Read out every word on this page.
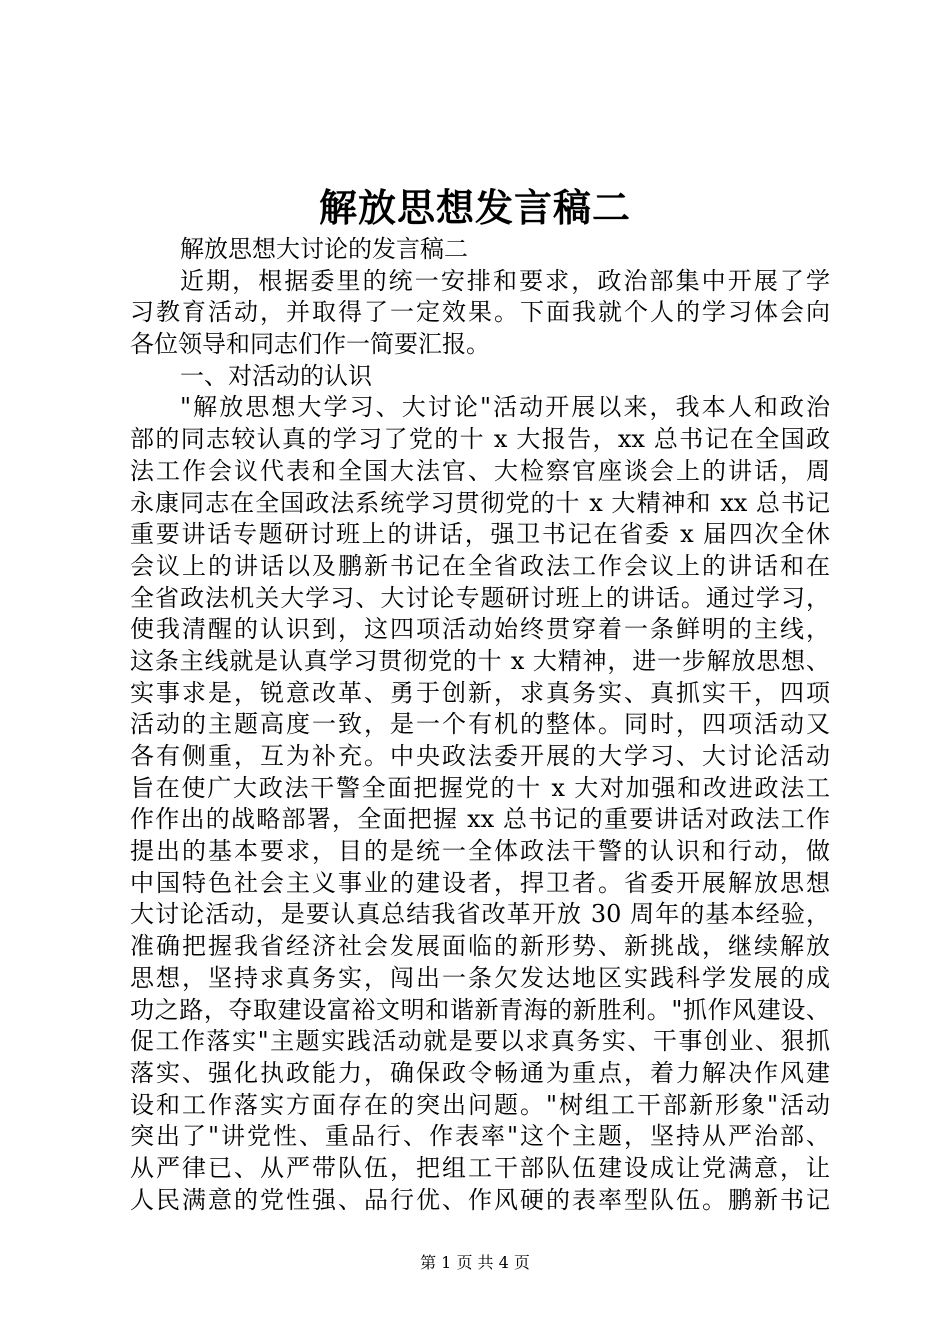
解放思想发言稿二
解放思想大讨论的发言稿二
近期，根据委里的统一安排和要求，政治部集中开展了学
习教育活动，并取得了一定效果。下面我就个人的学习体会向
各位领导和同志们作一简要汇报。
一、对活动的认识
"解放思想大学习、大讨论"活动开展以来，我本人和政治
部的同志较认真的学习了党的十 x 大报告，xx 总书记在全国政
法工作会议代表和全国大法官、大检察官座谈会上的讲话，周
永康同志在全国政法系统学习贯彻党的十 x 大精神和 xx 总书记
重要讲话专题研讨班上的讲话，强卫书记在省委 x 届四次全休
会议上的讲话以及鹏新书记在全省政法工作会议上的讲话和在
全省政法机关大学习、大讨论专题研讨班上的讲话。通过学习，
使我清醒的认识到，这四项活动始终贯穿着一条鲜明的主线，
这条主线就是认真学习贯彻党的十 x 大精神，进一步解放思想、
实事求是，锐意改革、勇于创新，求真务实、真抓实干，四项
活动的主题高度一致，是一个有机的整体。同时，四项活动又
各有侧重，互为补充。中央政法委开展的大学习、大讨论活动
旨在使广大政法干警全面把握党的十 x 大对加强和改进政法工
作作出的战略部署，全面把握 xx 总书记的重要讲话对政法工作
提出的基本要求，目的是统一全体政法干警的认识和行动，做
中国特色社会主义事业的建设者，捍卫者。省委开展解放思想
大讨论活动，是要认真总结我省改革开放 30 周年的基本经验，
准确把握我省经济社会发展面临的新形势、新挑战，继续解放
思想，坚持求真务实，闯出一条欠发达地区实践科学发展的成
功之路，夺取建设富裕文明和谐新青海的新胜利。"抓作风建设、
促工作落实"主题实践活动就是要以求真务实、干事创业、狠抓
落实、强化执政能力，确保政令畅通为重点，着力解决作风建
设和工作落实方面存在的突出问题。"树组工干部新形象"活动
突出了"讲党性、重品行、作表率"这个主题，坚持从严治部、
从严律已、从严带队伍，把组工干部队伍建设成让党满意，让
人民满意的党性强、品行优、作风硬的表率型队伍。鹏新书记
第 1 页 共 4 页
